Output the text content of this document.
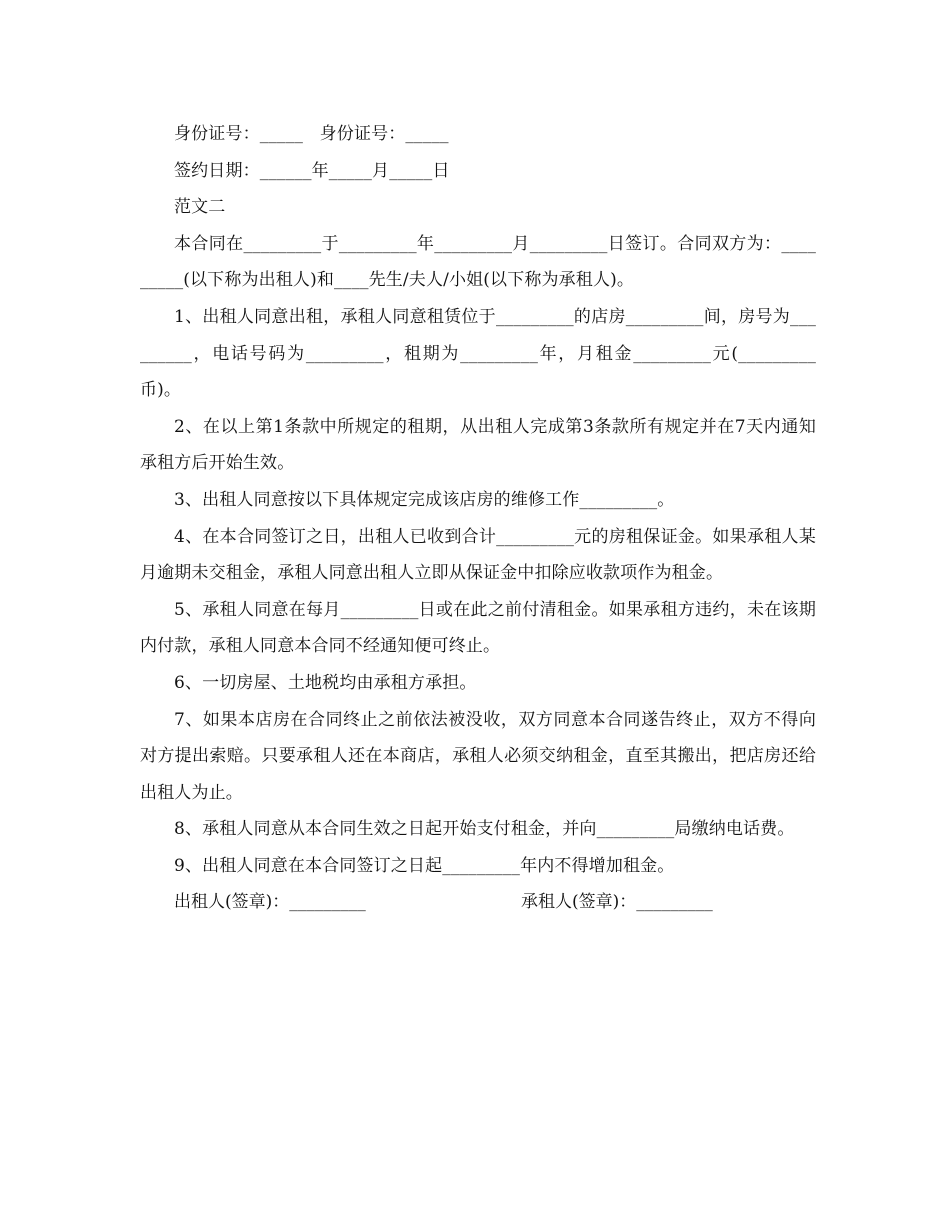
身份证号：_____   身份证号：_____

签约日期：______年_____月_____日

范文二

本合同在_________于_________年_________月_________日签订。合同双方为：_________(以下称为出租人)和____先生/夫人/小姐(以下称为承租人)。

1、出租人同意出租，承租人同意租赁位于_________的店房_________间，房号为_________，电话号码为_________，租期为_________年，月租金_________元(_________币)。

2、在以上第1条款中所规定的租期，从出租人完成第3条款所有规定并在7天内通知承租方后开始生效。

3、出租人同意按以下具体规定完成该店房的维修工作_________。

4、在本合同签订之日，出租人已收到合计_________元的房租保证金。如果承租人某月逾期未交租金，承租人同意出租人立即从保证金中扣除应收款项作为租金。

5、承租人同意在每月_________日或在此之前付清租金。如果承租方违约，未在该期内付款，承租人同意本合同不经通知便可终止。

6、一切房屋、土地税均由承租方承担。

7、如果本店房在合同终止之前依法被没收，双方同意本合同遂告终止，双方不得向对方提出索赔。只要承租人还在本商店，承租人必须交纳租金，直至其搬出，把店房还给出租人为止。

8、承租人同意从本合同生效之日起开始支付租金，并向_________局缴纳电话费。

9、出租人同意在本合同签订之日起_________年内不得增加租金。

出租人(签章)：_________

	承租人(签章)：_________
